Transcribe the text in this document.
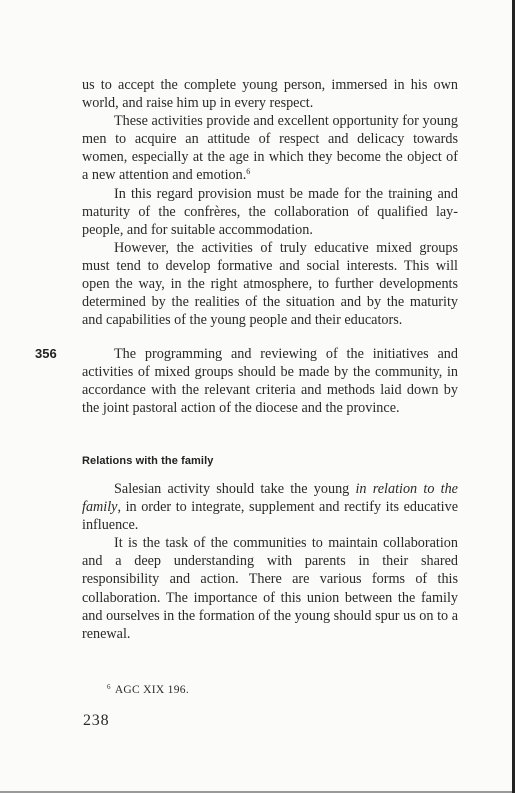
us to accept the complete young person, immersed in his own world, and raise him up in every respect.

These activities provide and excellent opportunity for young men to acquire an attitude of respect and delicacy towards women, especially at the age in which they become the object of a new attention and emotion.$^6$

In this regard provision must be made for the training and maturity of the confrères, the collaboration of qualified lay-people, and for suitable accommodation.

However, the activities of truly educative mixed groups must tend to develop formative and social interests. This will open the way, in the right atmosphere, to further developments determined by the realities of the situation and by the maturity and capabilities of the young people and their educators.

356	The programming and reviewing of the initiatives and activities of mixed groups should be made by the community, in accordance with the relevant criteria and methods laid down by the joint pastoral action of the diocese and the province.

Relations with the family

Salesian activity should take the young in relation to the family, in order to integrate, supplement and rectify its educative influence.

It is the task of the communities to maintain collaboration and a deep understanding with parents in their shared responsibility and action. There are various forms of this collaboration. The importance of this union between the family and ourselves in the formation of the young should spur us on to a renewal.

$^6$ AGC XIX 196.
238
